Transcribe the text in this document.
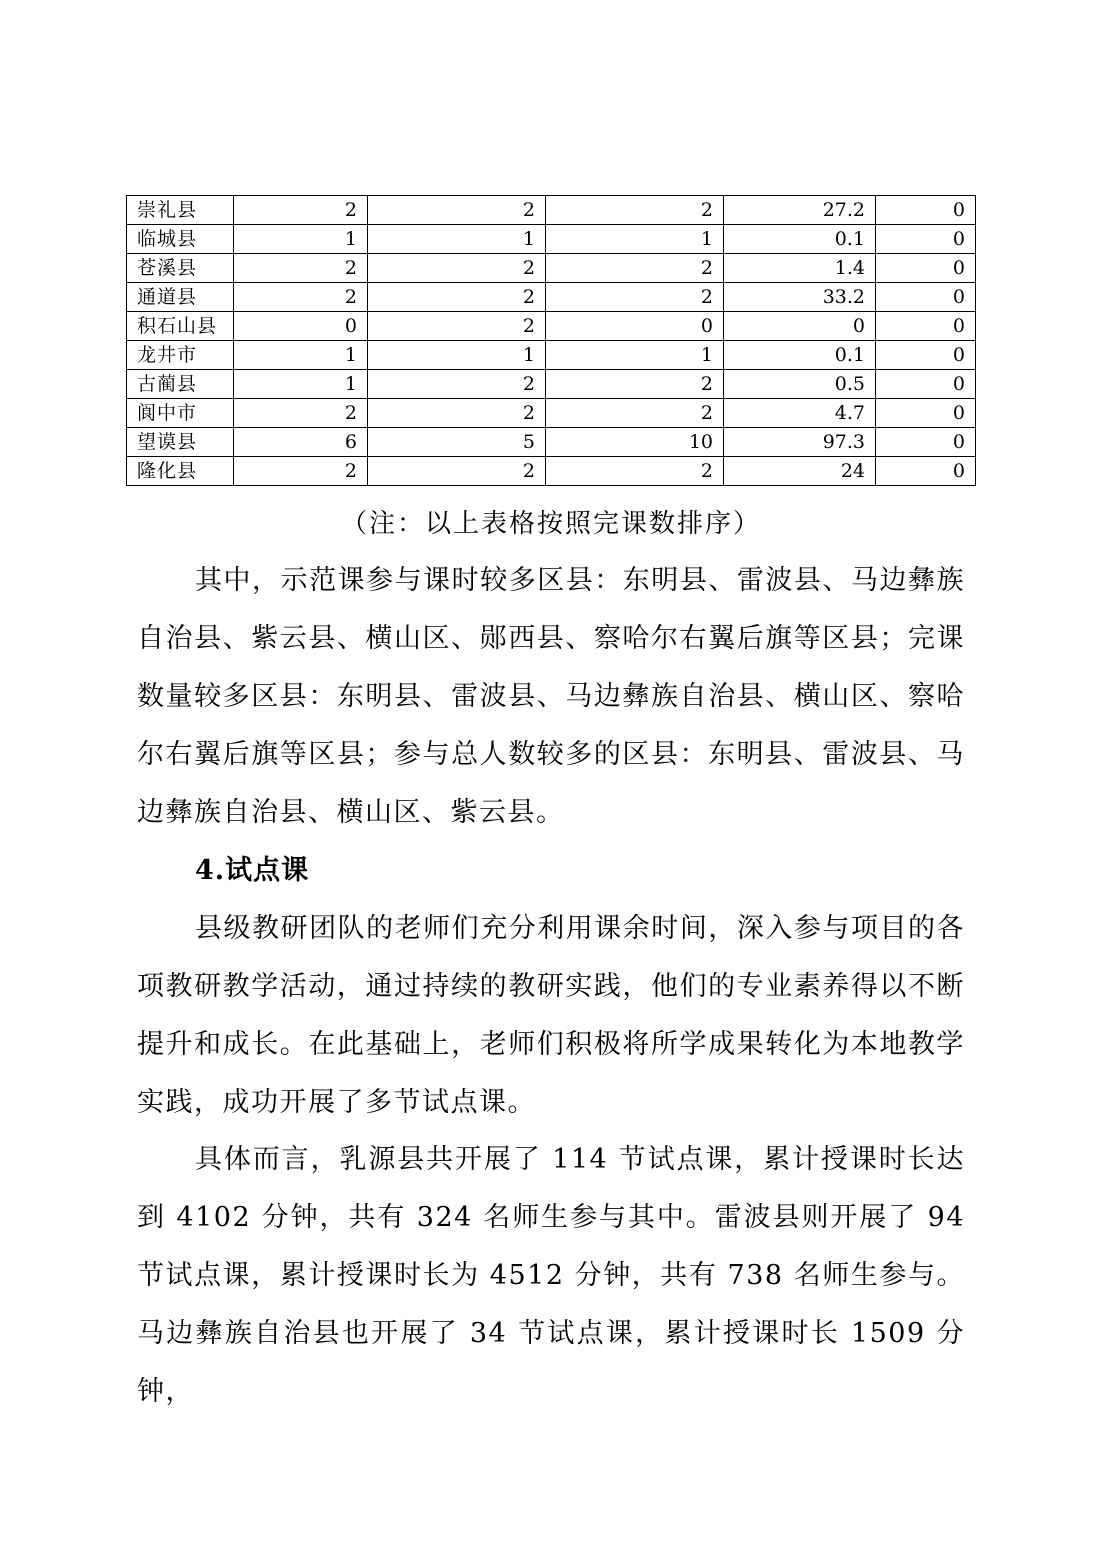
崇礼县	2	2	2	27.2	0
临城县	1	1	1	0.1	0
苍溪县	2	2	2	1.4	0
通道县	2	2	2	33.2	0
积石山县	0	2	0	0	0
龙井市	1	1	1	0.1	0
古蔺县	1	2	2	0.5	0
阆中市	2	2	2	4.7	0
望谟县	6	5	10	97.3	0
隆化县	2	2	2	24	0
（注：以上表格按照完课数排序）

其中，示范课参与课时较多区县：东明县、雷波县、马边彝族自治县、紫云县、横山区、郧西县、察哈尔右翼后旗等区县；完课数量较多区县：东明县、雷波县、马边彝族自治县、横山区、察哈尔右翼后旗等区县；参与总人数较多的区县：东明县、雷波县、马边彝族自治县、横山区、紫云县。

4.试点课

县级教研团队的老师们充分利用课余时间，深入参与项目的各项教研教学活动，通过持续的教研实践，他们的专业素养得以不断提升和成长。在此基础上，老师们积极将所学成果转化为本地教学实践，成功开展了多节试点课。

具体而言，乳源县共开展了 114 节试点课，累计授课时长达到 4102 分钟，共有 324 名师生参与其中。雷波县则开展了 94 节试点课，累计授课时长为 4512 分钟，共有 738 名师生参与。马边彝族自治县也开展了 34 节试点课，累计授课时长 1509 分钟，
